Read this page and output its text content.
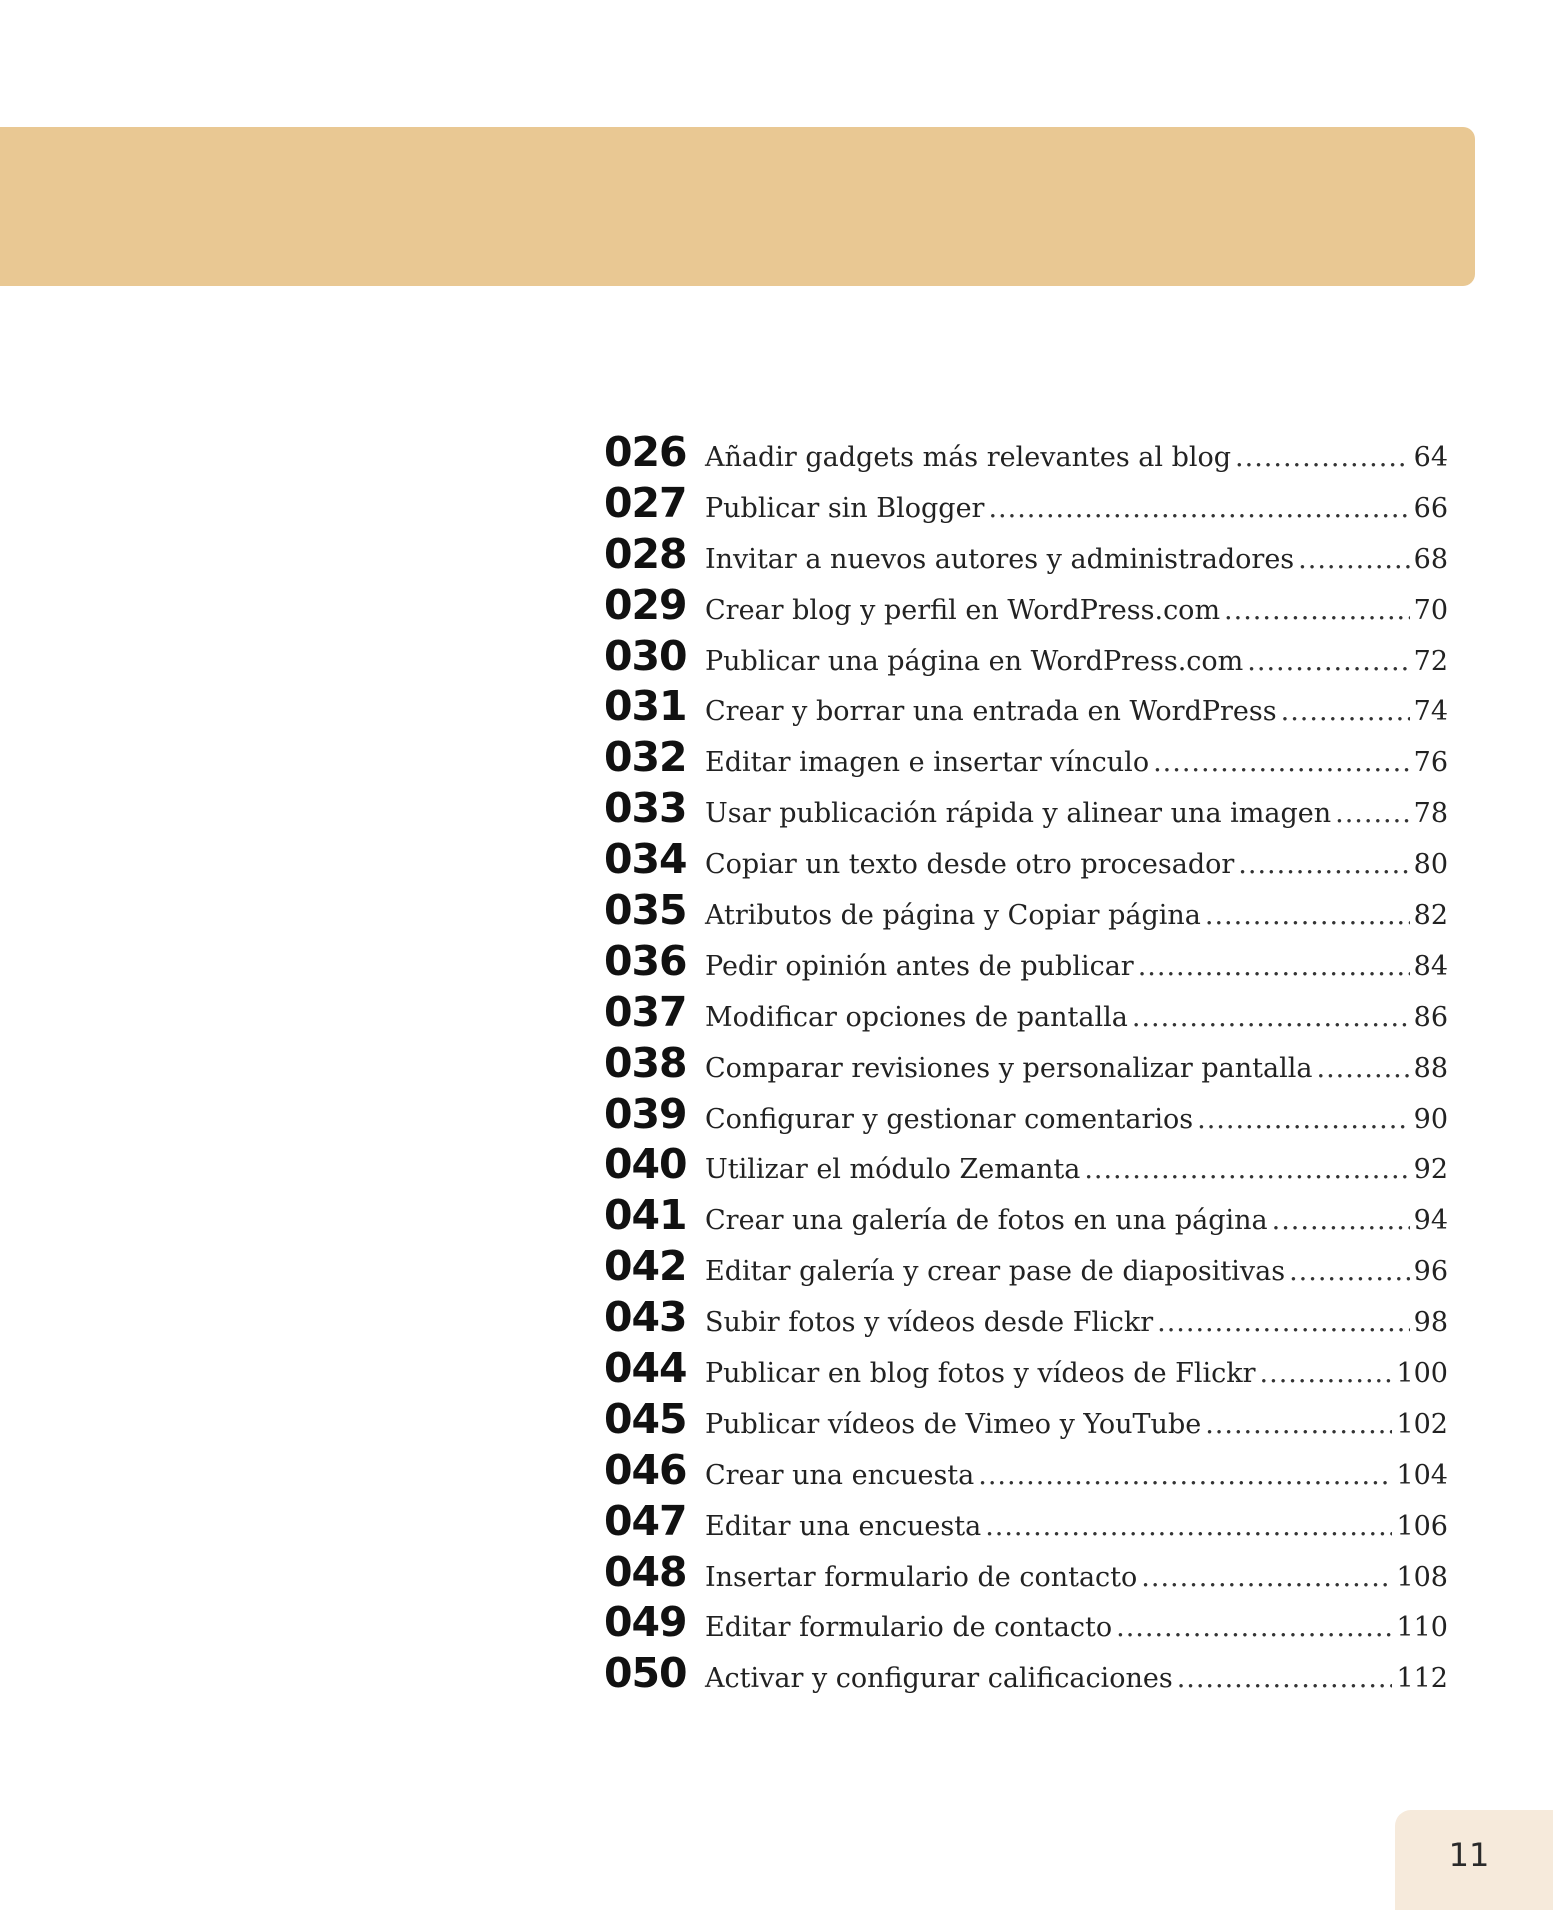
026 Añadir gadgets más relevantes al blog .....	64
027 Publicar sin Blogger .....	66
028 Invitar a nuevos autores y administradores .....	68
029 Crear blog y perfil en WordPress.com .....	70
030 Publicar una página en WordPress.com .....	72
031 Crear y borrar una entrada en WordPress .....	74
032 Editar imagen e insertar vínculo .....	76
033 Usar publicación rápida y alinear una imagen .....	78
034 Copiar un texto desde otro procesador .....	80
035 Atributos de página y Copiar página .....	82
036 Pedir opinión antes de publicar .....	84
037 Modificar opciones de pantalla .....	86
038 Comparar revisiones y personalizar pantalla .....	88
039 Configurar y gestionar comentarios .....	90
040 Utilizar el módulo Zemanta .....	92
041 Crear una galería de fotos en una página .....	94
042 Editar galería y crear pase de diapositivas .....	96
043 Subir fotos y vídeos desde Flickr .....	98
044 Publicar en blog fotos y vídeos de Flickr .....	100
045 Publicar vídeos de Vimeo y YouTube .....	102
046 Crear una encuesta .....	104
047 Editar una encuesta .....	106
048 Insertar formulario de contacto .....	108
049 Editar formulario de contacto .....	110
050 Activar y configurar calificaciones .....	112
11
